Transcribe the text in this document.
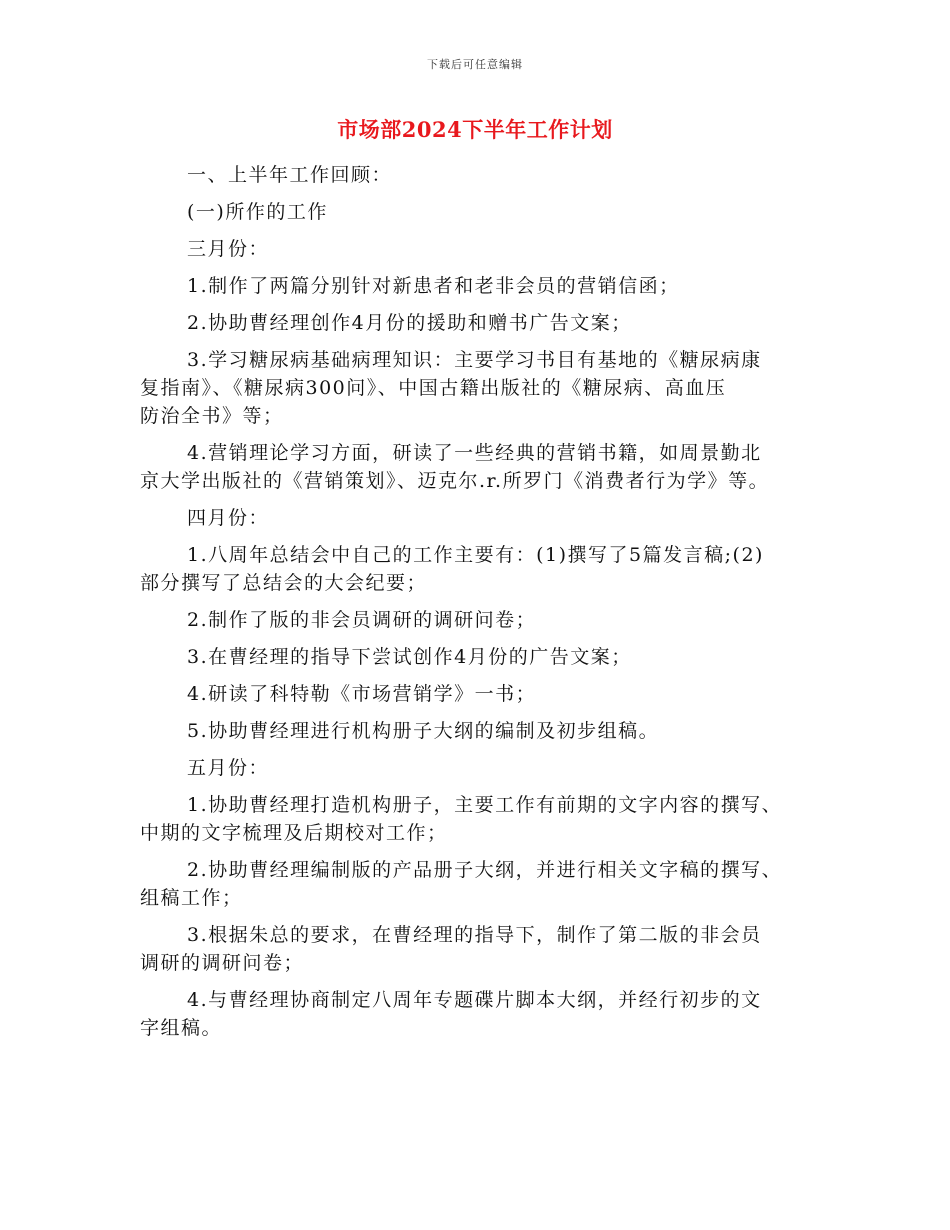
下载后可任意编辑
市场部2024下半年工作计划
一、上半年工作回顾：
(一)所作的工作
三月份：
1.制作了两篇分别针对新患者和老非会员的营销信函；
2.协助曹经理创作4月份的援助和赠书广告文案；
3.学习糖尿病基础病理知识：主要学习书目有基地的《糖尿病康
复指南》、《糖尿病300问》、中国古籍出版社的《糖尿病、高血压
防治全书》等；
4.营销理论学习方面，研读了一些经典的营销书籍，如周景勤北
京大学出版社的《营销策划》、迈克尔.r.所罗门《消费者行为学》等。
四月份：
1.八周年总结会中自己的工作主要有：(1)撰写了5篇发言稿;(2)
部分撰写了总结会的大会纪要；
2.制作了版的非会员调研的调研问卷；
3.在曹经理的指导下尝试创作4月份的广告文案；
4.研读了科特勒《市场营销学》一书；
5.协助曹经理进行机构册子大纲的编制及初步组稿。
五月份：
1.协助曹经理打造机构册子，主要工作有前期的文字内容的撰写、
中期的文字梳理及后期校对工作；
2.协助曹经理编制版的产品册子大纲，并进行相关文字稿的撰写、
组稿工作；
3.根据朱总的要求，在曹经理的指导下，制作了第二版的非会员
调研的调研问卷；
4.与曹经理协商制定八周年专题碟片脚本大纲，并经行初步的文
字组稿。
